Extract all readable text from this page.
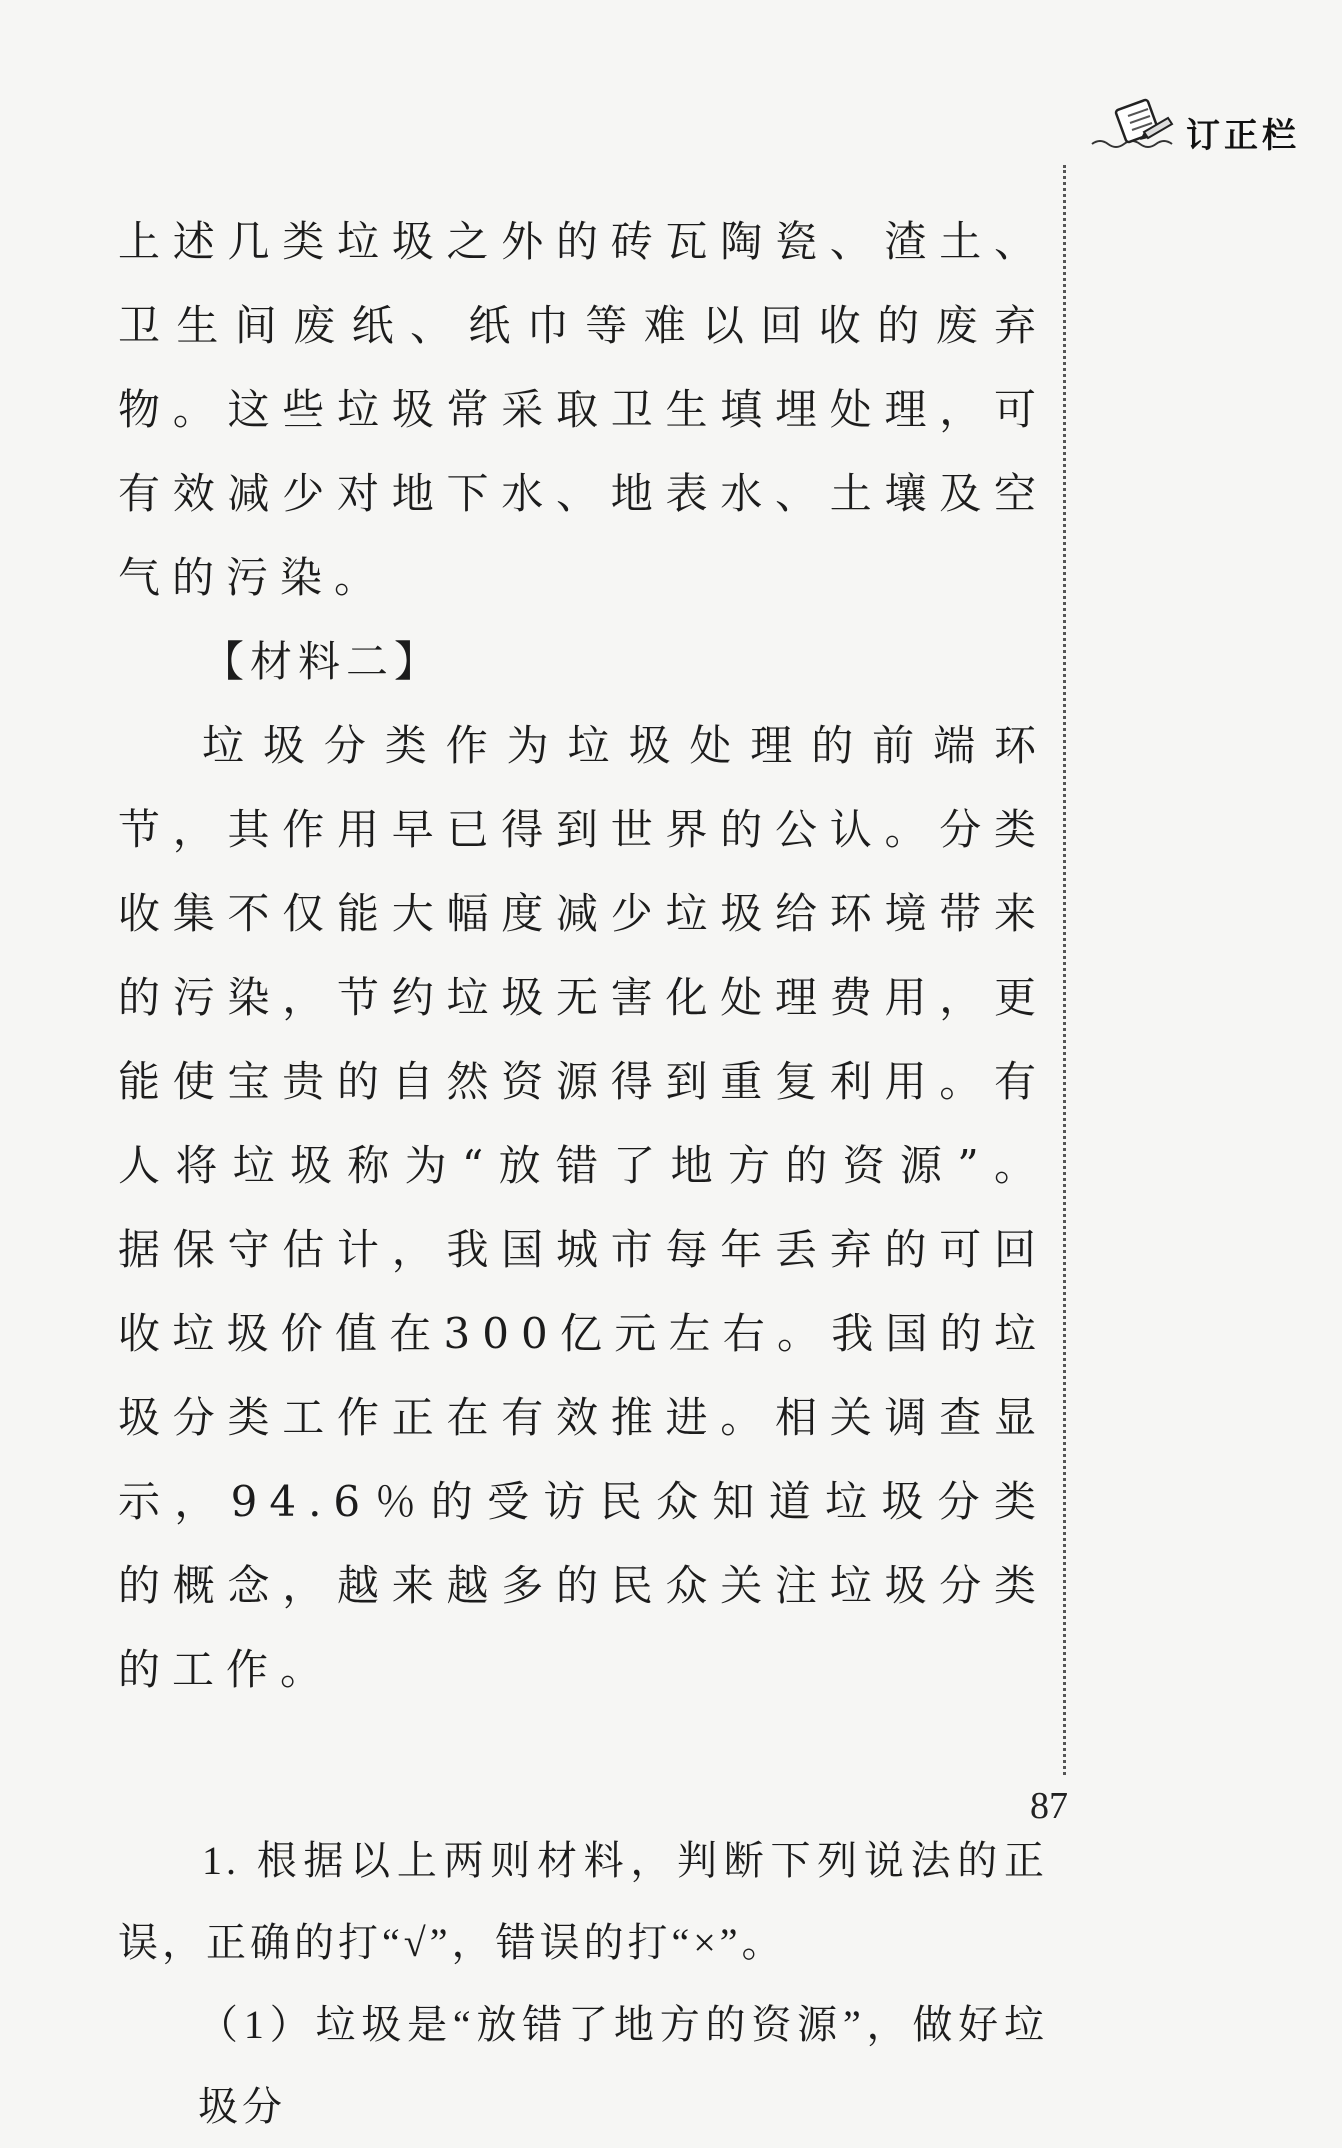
订正栏

上述几类垃圾之外的砖瓦陶瓷、渣土、卫生间废纸、纸巾等难以回收的废弃物。这些垃圾常采取卫生填埋处理，可有效减少对地下水、地表水、土壤及空气的污染。

【材料二】

垃圾分类作为垃圾处理的前端环节，其作用早已得到世界的公认。分类收集不仅能大幅度减少垃圾给环境带来的污染，节约垃圾无害化处理费用，更能使宝贵的自然资源得到重复利用。有人将垃圾称为“放错了地方的资源”。据保守估计，我国城市每年丢弃的可回收垃圾价值在300亿元左右。我国的垃圾分类工作正在有效推进。相关调查显示，94.6％的受访民众知道垃圾分类的概念，越来越多的民众关注垃圾分类的工作。

1. 根据以上两则材料，判断下列说法的正误，正确的打“√”，错误的打“×”。

（1）垃圾是“放错了地方的资源”，做好垃圾分

87
